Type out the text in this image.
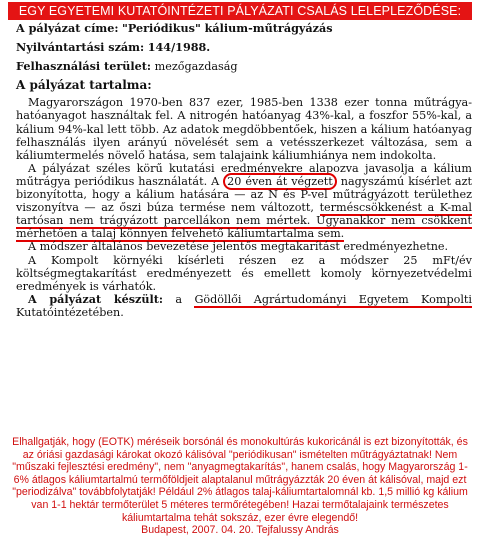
EGY EGYETEMI KUTATÓINTÉZETI PÁLYÁZATI CSALÁS LELEPLEZŐDÉSE:
A pályázat címe: "Periódikus" kálium-műtrágyázás
Nyilvántartási szám: 144/1988.
Felhasználási terület: mezőgazdaság
A pályázat tartalma:

Magyarországon 1970-ben 837 ezer, 1985-ben 1338 ezer tonna műtrágya-hatóanyagot használtak fel. A nitrogén hatóanyag 43%-kal, a foszfor 55%-kal, a kálium 94%-kal lett több. Az adatok megdöbbentőek, hiszen a kálium hatóanyag felhasználás ilyen arányú növelését sem a vetésszerkezet változása, sem a káliumtermelés növelő hatása, sem talajaink káliumhiánya nem indokolta.

A pályázat széles körű kutatási eredményekre alapozva javasolja a kálium műtrágya periódikus használatát. A 20 éven át végzett nagyszámú kísérlet azt bizonyította, hogy a kálium hatására — az N és P-vel műtrágyázott területhez viszonyítva — az őszi búza termése nem változott, terméscsökkenést a K-mal tartósan nem trágyázott parcellákon nem mértek. Ugyanakkor nem csökkent mérhetően a talaj könnyen felvehető káliumtartalma sem.

A módszer általános bevezetése jelentős megtakarítást eredményezhetne.

A Kompolt környéki kísérleti részen ez a módszer 25 mFt/év költségmegtakarítást eredményezett és emellett komoly környezetvédelmi eredmények is várhatók.

A pályázat készült: a Gödöllői Agrártudományi Egyetem Kompolti Kutatóintézetében.

Elhallgatják, hogy (EOTK) méréseik borsónál és monokultúrás kukoricánál is ezt bizonyították, és az óriási gazdasági károkat okozó kálisóval "periódikusan" ismételten műtrágyáztatnak! Nem "műszaki fejlesztési eredmény", nem "anyagmegtakarítás", hanem csalás, hogy Magyarország 1-6% átlagos káliumtartalmú termőföldjeit alaptalanul műtrágyázzták 20 éven át kálisóval, majd ezt "periodizálva" továbbfolytatják! Például 2% átlagos talaj-káliumtartalomnál kb. 1,5 millió kg kálium van 1-1 hektár termőterület 5 méteres termőrétegében! Hazai termőtalajaink természetes káliumtartalma tehát sokszáz, ezer évre elegendő!

Budapest, 2007. 04. 20. Tejfalussy András
